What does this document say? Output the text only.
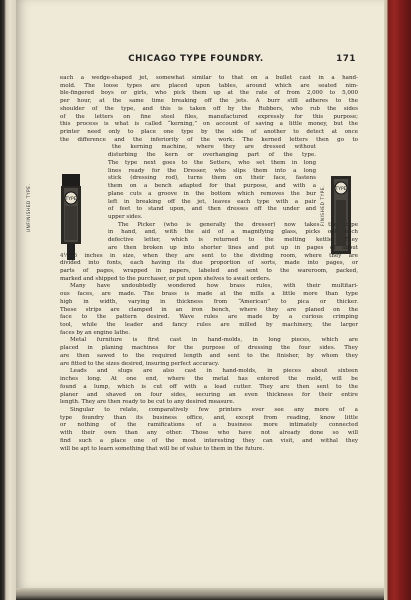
CHICAGO TYPE FOUNDRY.	171
TYPE
UNFINISHED TYPE.	TYPE
FINISHED TYPE.
each a wedge-shaped jet, somewhat similar to that on a bullet cast in a hand-
mold. The loose types are placed upon tables, around which are seated nim-
ble-fingered boys or girls, who pick them up at the rate of from 2,000 to 5,000
per hour, at the same time breaking off the jets. A burr still adheres to the
shoulder of the type, and this is taken off by the Rubbers, who rub the sides
of the letters on fine steel files, manufactured expressly for this purpose;
this process is what is called “kerning,” on account of saving a little money, but the
printer need only to place one type by the side of another to detect at once
the difference and the inferiority of the work. The kerned letters then go to
the kerning machine, where they are dressed without
disturbing the kern or overhanging part of the type.
The type next goes to the Setters, who set them in long
lines ready for the Dresser, who slips them into a long
stick (dressing rod), turns them on their face, fastens
them on a bench adapted for that purpose, and with a
plane cuts a groove in the bottom which removes the bur
left in breaking off the jet, leaves each type with a pair
of feet to stand upon, and then dresses off the under and
upper sides.
The Picker (who is generally the dresser) now takes the type
in hand, and, with the aid of a magnifying glass, picks out each
defective letter, which is returned to the melting kettle. They
are then broken up into shorter lines and put up in pages of about
4½×6 inches in size, when they are sent to the dividing room, where they are
divided into fonts, each having its due proportion of sorts, made into pages, or
parts of pages, wrapped in papers, labeled and sent to the wareroom, packed,
marked and shipped to the purchaser, or put upon shelves to await orders.
Many have undoubtedly wondered how brass rules, with their multitari-
ous faces, are made. The brass is made at the mills a little more than type
high in width, varying in thickness from “American” to pica or thicker.
These strips are clamped in an iron bench, where they are planed on the
face to the pattern desired. Wave rules are made by a curious crimping
tool, while the leader and fancy rules are milled by machinery, the larger
faces by an engine lathe.
Metal furniture is first cast in hand-molds, in long pieces, which are
placed in planing machines for the purpose of dressing the four sides. They
are then sawed to the required length and sent to the finisher, by whom they
are fitted to the sizes desired, insuring perfect accuracy.
Leads and slugs are also cast in hand-molds, in pieces about sixteen
inches long. At one end, where the metal has entered the mold, will be
found a lump, which is cut off with a lead cutter. They are then sent to the
planer and shaved on four sides, securing an even thickness for their entire
length. They are then ready to be cut to any desired measure.
Singular to relate, comparatively few printers ever see any more of a
type foundry than its business office, and, except from reading, know little
or nothing of the ramifications of a business more intimately connected
with their own than any other. Those who have not already done so will
find such a place one of the most interesting they can visit, and withal they
will be apt to learn something that will be of value to them in the future.
